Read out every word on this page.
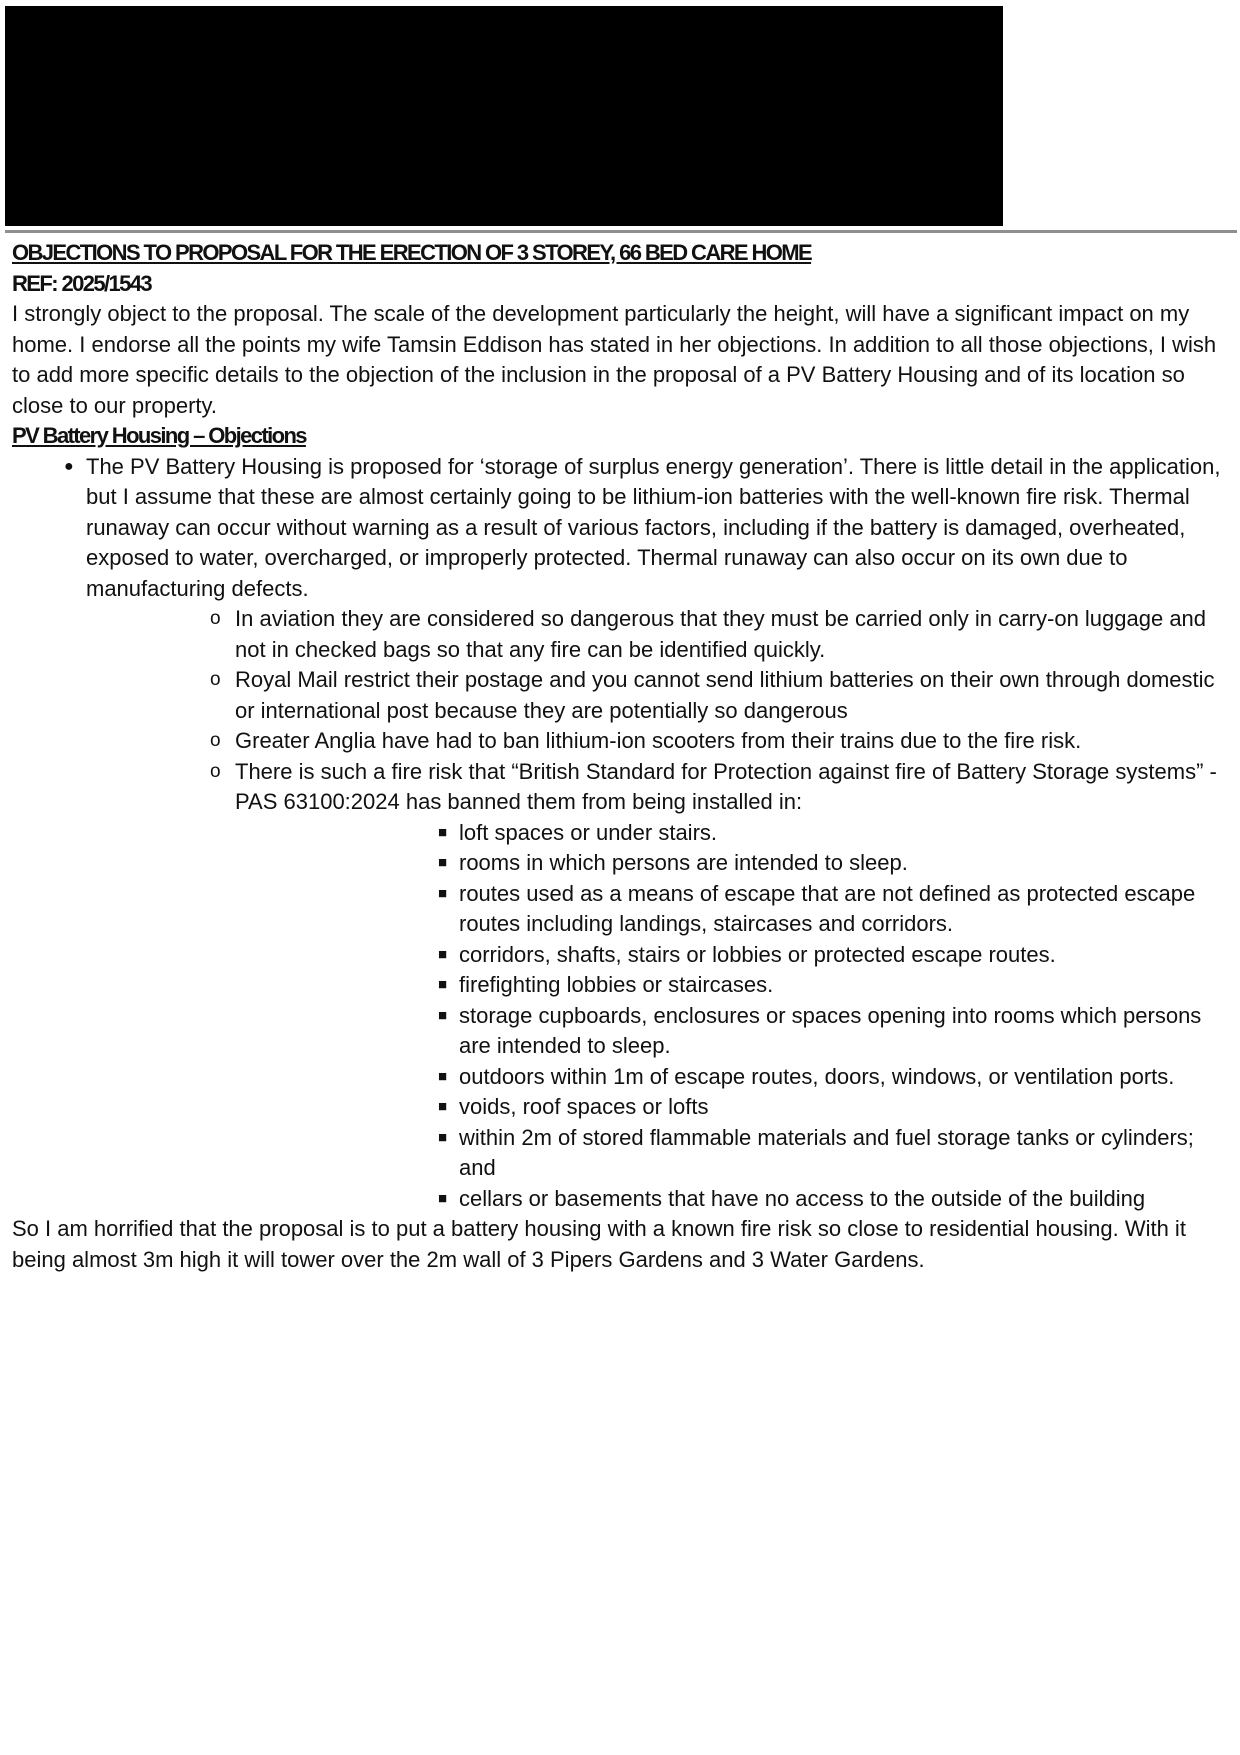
OBJECTIONS TO PROPOSAL FOR THE ERECTION OF 3 STOREY, 66 BED CARE HOME
REF: 2025/1543

I strongly object to the proposal. The scale of the development particularly the height, will have a significant impact on my home. I endorse all the points my wife Tamsin Eddison has stated in her objections. In addition to all those objections, I wish to add more specific details to the objection of the inclusion in the proposal of a PV Battery Housing and of its location so close to our property.

PV Battery Housing – Objections
● The PV Battery Housing is proposed for ‘storage of surplus energy generation’. There is little detail in the application, but I assume that these are almost certainly going to be lithium-ion batteries with the well-known fire risk. Thermal runaway can occur without warning as a result of various factors, including if the battery is damaged, overheated, exposed to water, overcharged, or improperly protected. Thermal runaway can also occur on its own due to manufacturing defects.
o In aviation they are considered so dangerous that they must be carried only in carry-on luggage and not in checked bags so that any fire can be identified quickly.
o Royal Mail restrict their postage and you cannot send lithium batteries on their own through domestic or international post because they are potentially so dangerous
o Greater Anglia have had to ban lithium-ion scooters from their trains due to the fire risk.
o There is such a fire risk that “British Standard for Protection against fire of Battery Storage systems” - PAS 63100:2024 has banned them from being installed in:
■ loft spaces or under stairs.
■ rooms in which persons are intended to sleep.
■ routes used as a means of escape that are not defined as protected escape routes including landings, staircases and corridors.
■ corridors, shafts, stairs or lobbies or protected escape routes.
■ firefighting lobbies or staircases.
■ storage cupboards, enclosures or spaces opening into rooms which persons are intended to sleep.
■ outdoors within 1m of escape routes, doors, windows, or ventilation ports.
■ voids, roof spaces or lofts
■ within 2m of stored flammable materials and fuel storage tanks or cylinders; and
■ cellars or basements that have no access to the outside of the building

So I am horrified that the proposal is to put a battery housing with a known fire risk so close to residential housing. With it being almost 3m high it will tower over the 2m wall of 3 Pipers Gardens and 3 Water Gardens.
